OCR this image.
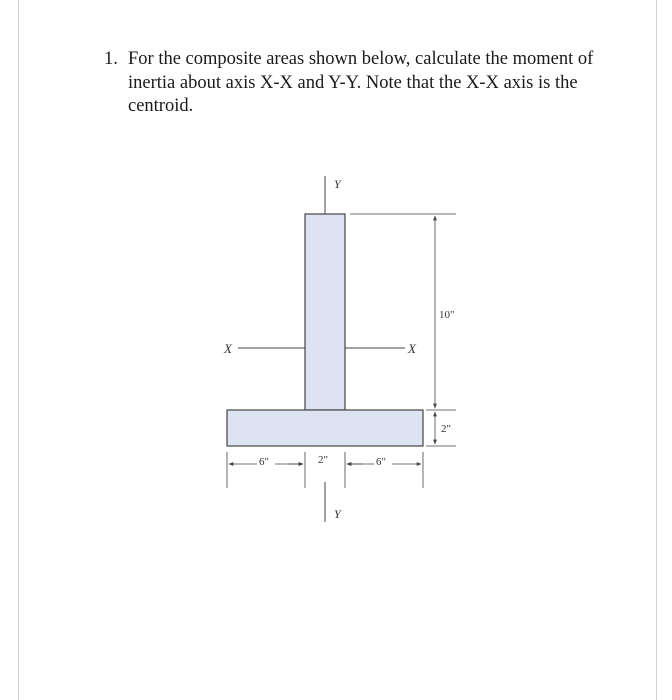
1. For the composite areas shown below, calculate the moment of inertia about axis X-X and Y-Y. Note that the X-X axis is the centroid.
Y
Y
X	X
10"
2"
6"	2"	6"
